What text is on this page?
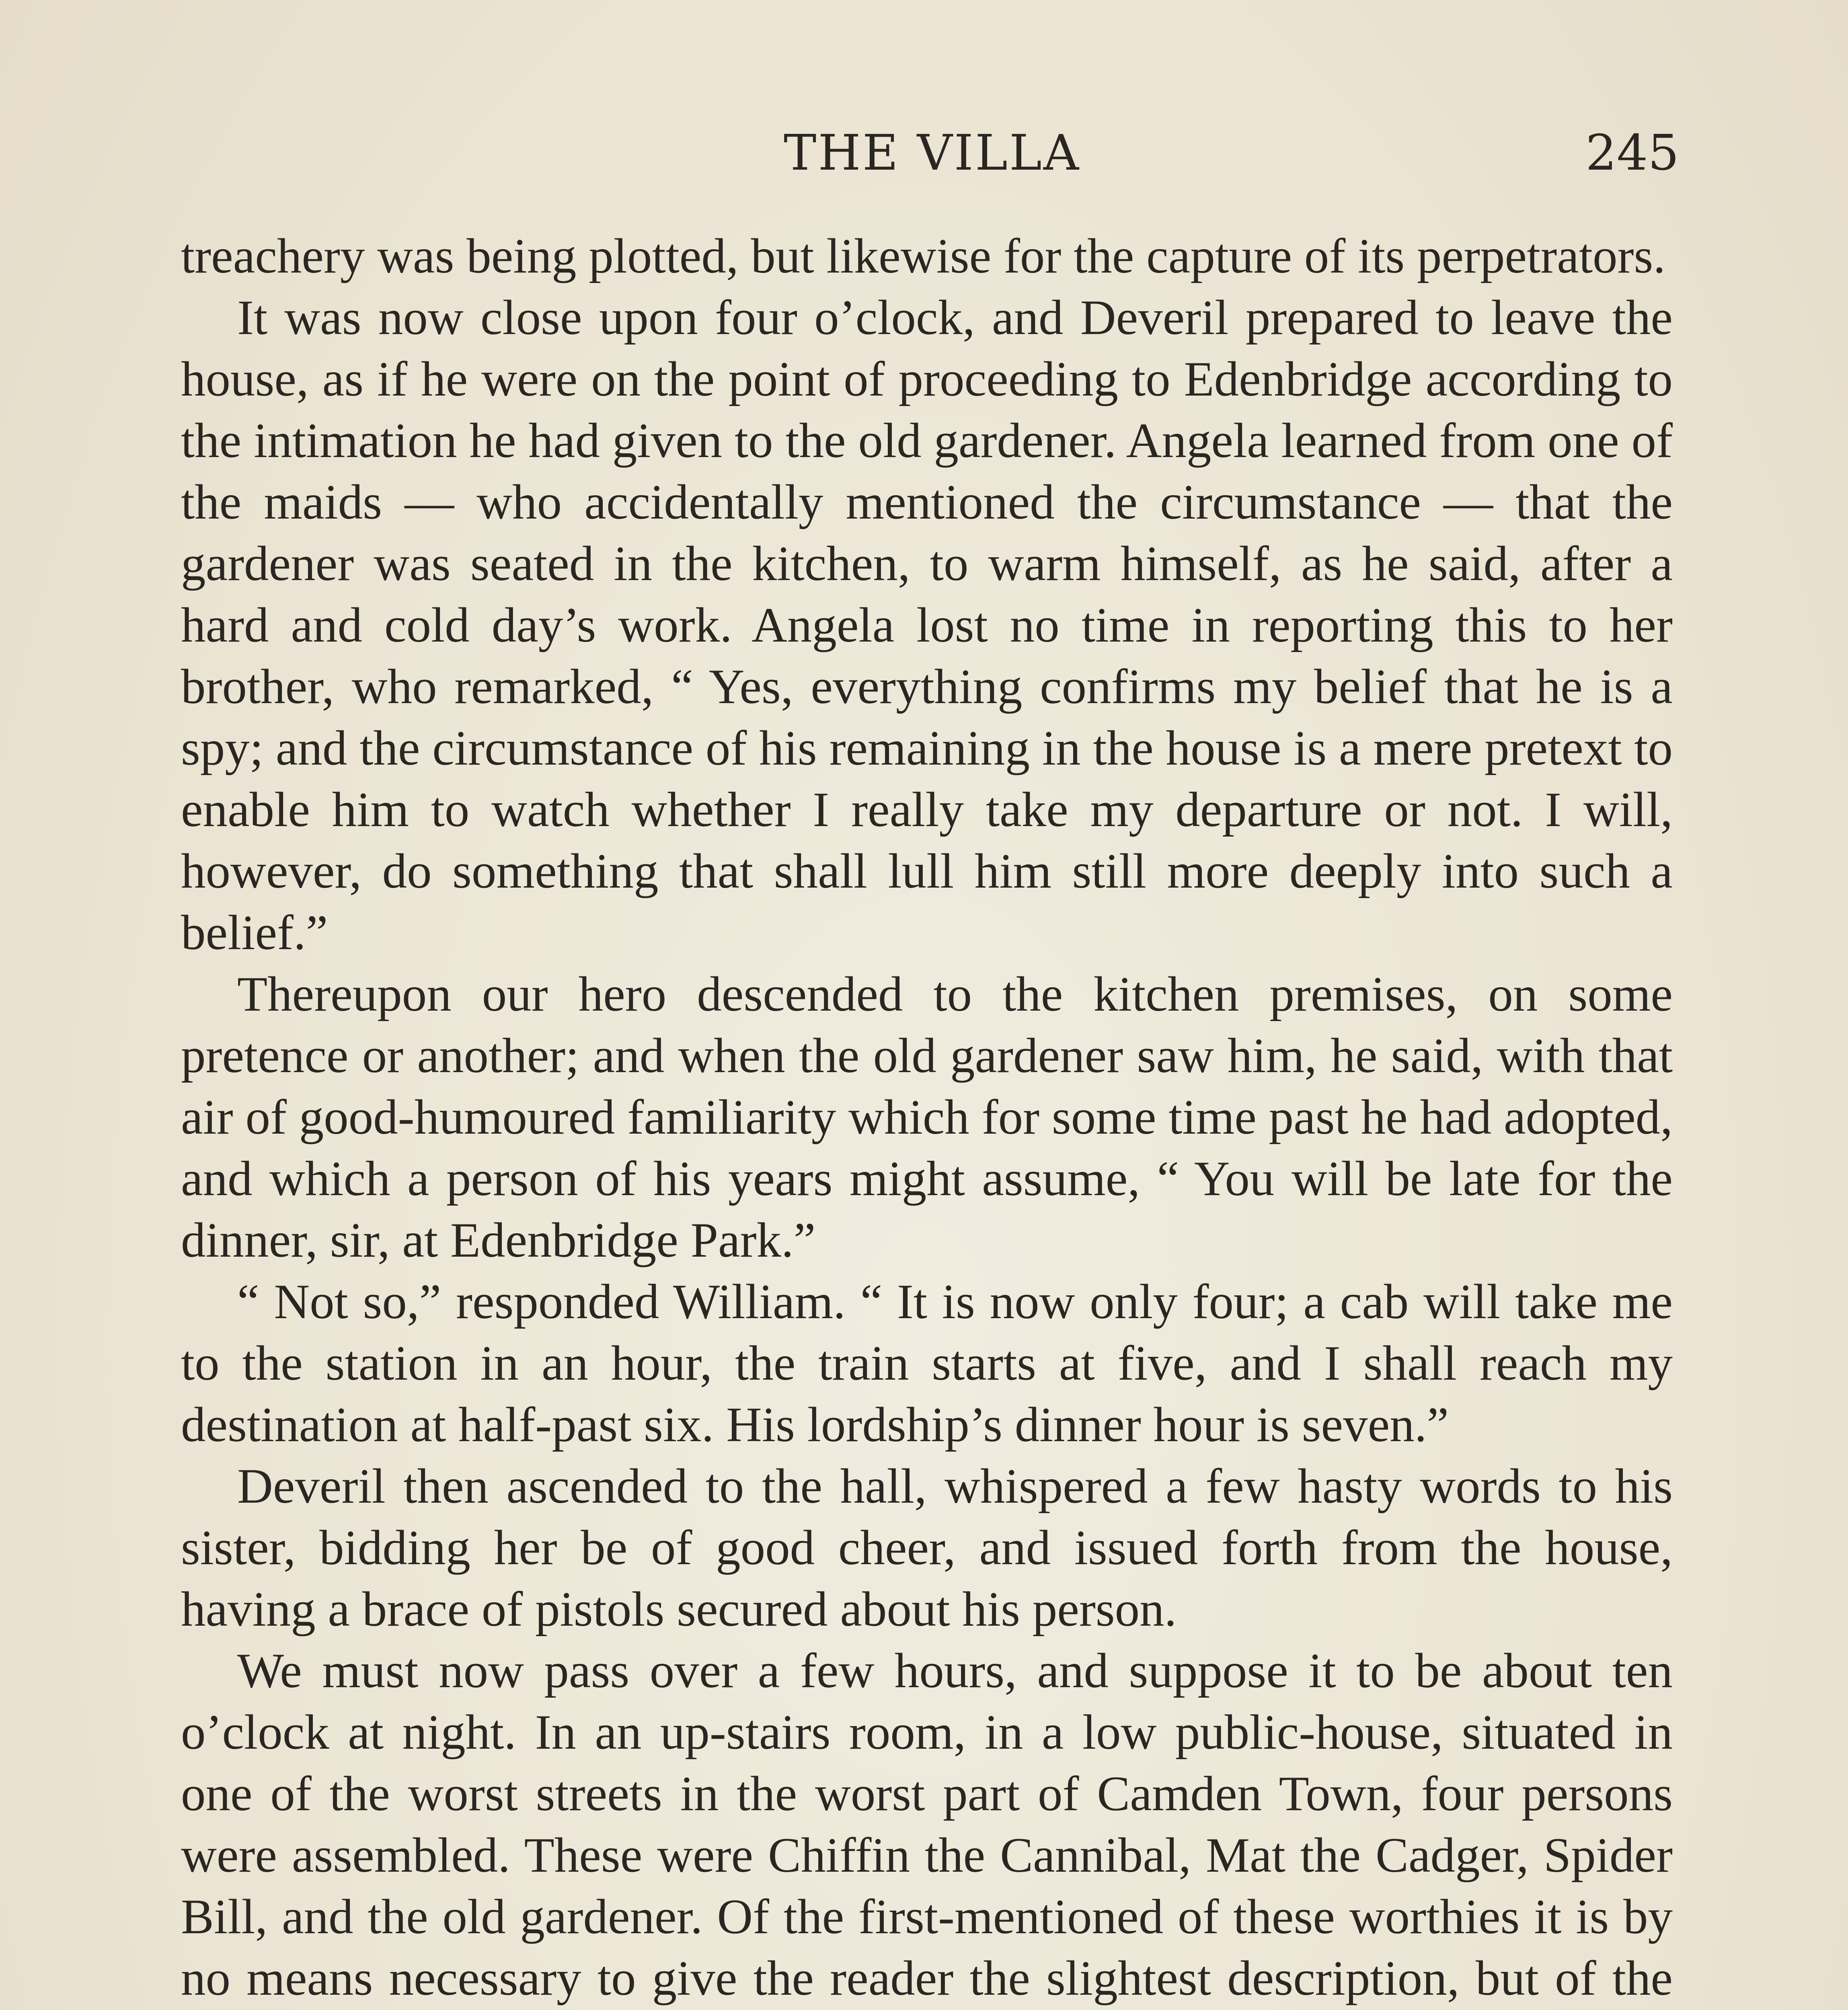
THE VILLA	245

treachery was being plotted, but likewise for the capture of its perpetrators.

It was now close upon four o’clock, and Deveril prepared to leave the house, as if he were on the point of proceeding to Edenbridge according to the intimation he had given to the old gardener. Angela learned from one of the maids — who accidentally mentioned the circumstance — that the gardener was seated in the kitchen, to warm himself, as he said, after a hard and cold day’s work. Angela lost no time in reporting this to her brother, who remarked, “ Yes, everything confirms my belief that he is a spy; and the circumstance of his remaining in the house is a mere pretext to enable him to watch whether I really take my departure or not. I will, however, do something that shall lull him still more deeply into such a belief.”

Thereupon our hero descended to the kitchen premises, on some pretence or another; and when the old gardener saw him, he said, with that air of good-humoured familiarity which for some time past he had adopted, and which a person of his years might assume, “ You will be late for the dinner, sir, at Edenbridge Park.”

“ Not so,” responded William. “ It is now only four; a cab will take me to the station in an hour, the train starts at five, and I shall reach my destination at half-past six. His lordship’s dinner hour is seven.”

Deveril then ascended to the hall, whispered a few hasty words to his sister, bidding her be of good cheer, and issued forth from the house, having a brace of pistols secured about his person.

We must now pass over a few hours, and suppose it to be about ten o’clock at night. In an up-stairs room, in a low public-house, situated in one of the worst streets in the worst part of Camden Town, four persons were assembled. These were Chiffin the Cannibal, Mat the Cadger, Spider Bill, and the old gardener. Of the first-mentioned of these worthies it is by no means necessary to give the reader the slightest description, but of the
